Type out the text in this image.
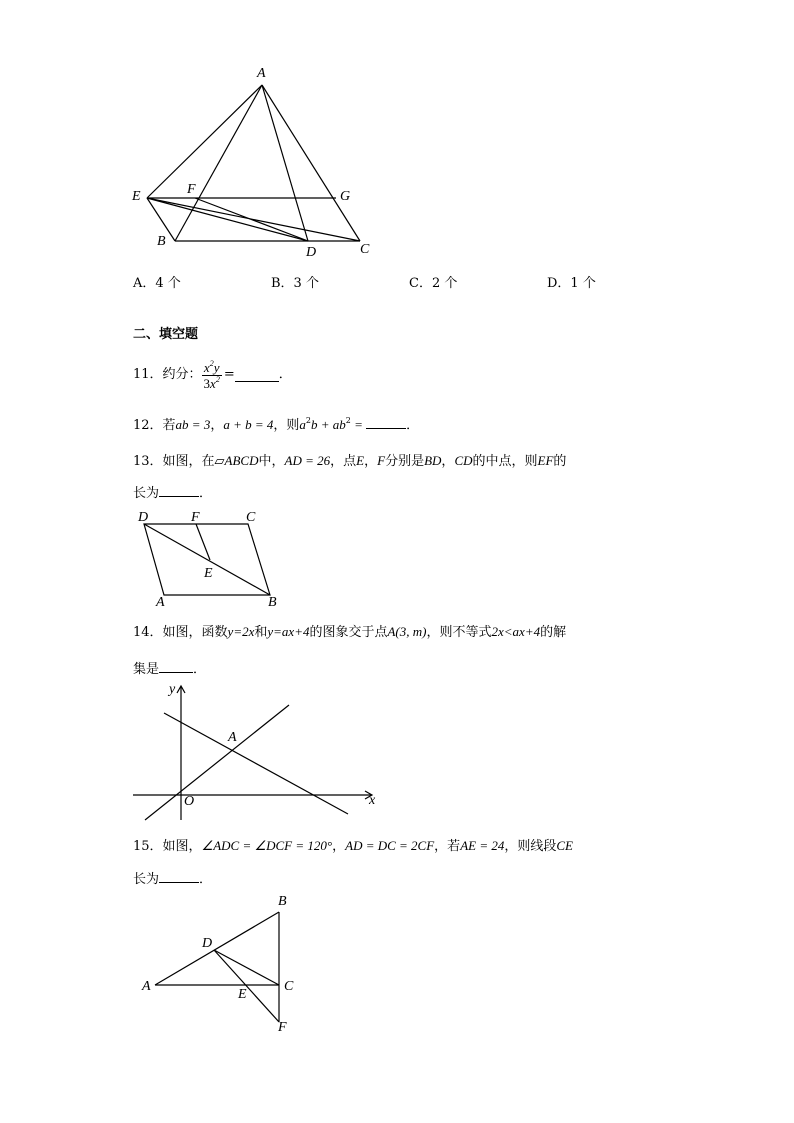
A
E	F	G
B
D	C
A．4 个	B．3 个	C．2 个	D．1 个
二、填空题
11．约分： $\frac{x^2y}{3x^2}$ =	．
12．若ab = 3，a + b = 4，则$a^2b + ab^2$ =	．
13．如图，在▱ABCD中，AD = 26，点E，F分别是BD，CD的中点，则EF的
长为	．
D	F	C
E
A	B
14．如图，函数y=2x和y=ax+4的图象交于点A(3, m)，则不等式2x<ax+4的解
集是	．
y
x
O
A
15．如图，∠ADC = ∠DCF = 120°，AD = DC = 2CF，若AE = 24，则线段CE
长为	．
B
D
A
E
C
F
